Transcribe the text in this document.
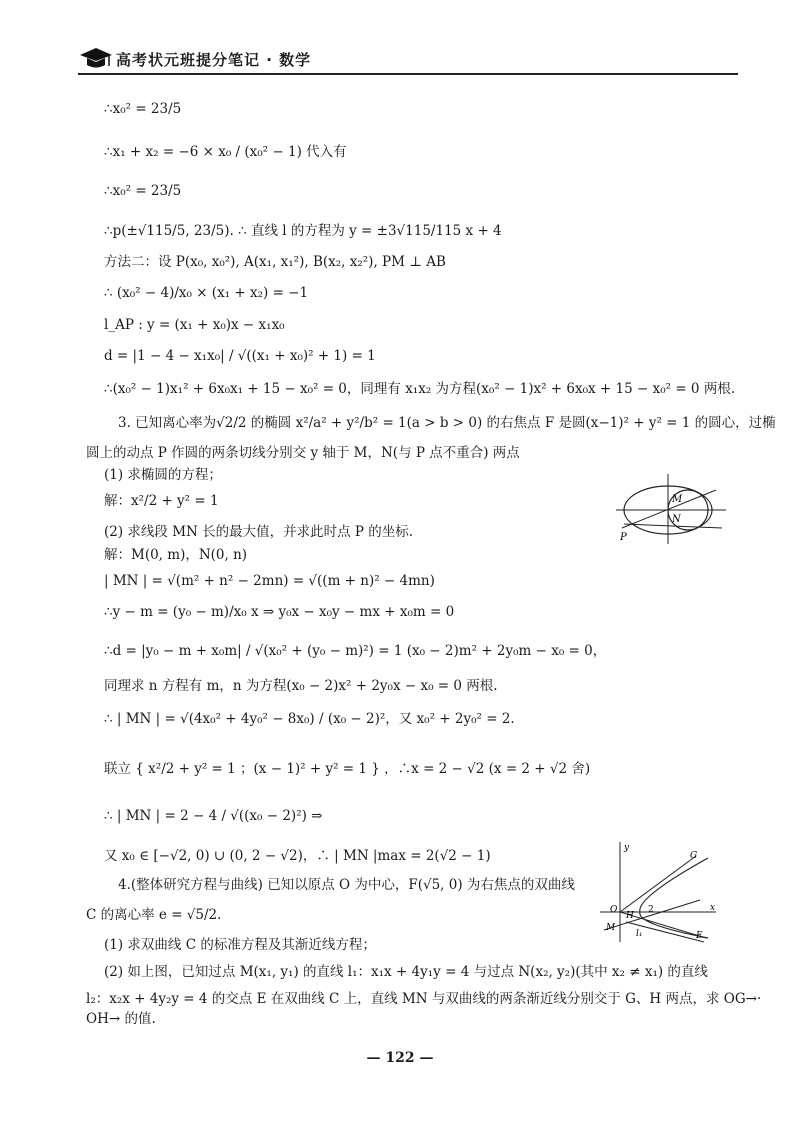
高考状元班提分笔记 · 数学
∴x₀² = 23/5
∴x₁ + x₂ = −6 × x₀ / (x₀² − 1) 代入有
∴x₀² = 23/5
∴p(±√115/5, 23/5). ∴ 直线 l 的方程为 y = ±3√115/115 x + 4
方法二：设 P(x₀, x₀²), A(x₁, x₁²), B(x₂, x₂²), PM ⊥ AB
∴ (x₀² − 4)/x₀ × (x₁ + x₂) = −1
l_AP : y = (x₁ + x₀)x − x₁x₀
d = |1 − 4 − x₁x₀| / √((x₁ + x₀)² + 1) = 1
∴(x₀² − 1)x₁² + 6x₀x₁ + 15 − x₀² = 0，同理有 x₁x₂ 为方程(x₀² − 1)x² + 6x₀x + 15 − x₀² = 0 两根.
3. 已知离心率为√2/2 的椭圆 x²/a² + y²/b² = 1(a > b > 0) 的右焦点 F 是圆(x−1)² + y² = 1 的圆心，过椭
圆上的动点 P 作圆的两条切线分别交 y 轴于 M，N(与 P 点不重合) 两点
(1) 求椭圆的方程；
解：x²/2 + y² = 1
(2) 求线段 MN 长的最大值，并求此时点 P 的坐标.
解：M(0, m)，N(0, n)
| MN | = √(m² + n² − 2mn) = √((m + n)² − 4mn)
∴y − m = (y₀ − m)/x₀ x ⇒ y₀x − x₀y − mx + x₀m = 0
∴d = |y₀ − m + x₀m| / √(x₀² + (y₀ − m)²) = 1 (x₀ − 2)m² + 2y₀m − x₀ = 0，
同理求 n 方程有 m，n 为方程(x₀ − 2)x² + 2y₀x − x₀ = 0 两根.
∴ | MN | = √(4x₀² + 4y₀² − 8x₀) / (x₀ − 2)²，又 x₀² + 2y₀² = 2.
联立 { x²/2 + y² = 1 ；(x − 1)² + y² = 1 } ，∴x = 2 − √2 (x = 2 + √2 舍)
∴ | MN | = 2 − 4 / √((x₀ − 2)²) ⇒
又 x₀ ∈ [−√2, 0) ∪ (0, 2 − √2)，∴ | MN |max = 2(√2 − 1)
4.(整体研究方程与曲线) 已知以原点 O 为中心，F(√5, 0) 为右焦点的双曲线
C 的离心率 e = √5/2.
(1) 求双曲线 C 的标准方程及其渐近线方程；
(2) 如上图，已知过点 M(x₁, y₁) 的直线 l₁：x₁x + 4y₁y = 4 与过点 N(x₂, y₂)(其中 x₂ ≠ x₁) 的直线
l₂：x₂x + 4y₂y = 4 的交点 E 在双曲线 C 上，直线 MN 与双曲线的两条渐近线分别交于 G、H 两点，求 OG→·
OH→ 的值.
M
N
P
y
G
O
H
2	x
M
l₁	E
— 122 —
